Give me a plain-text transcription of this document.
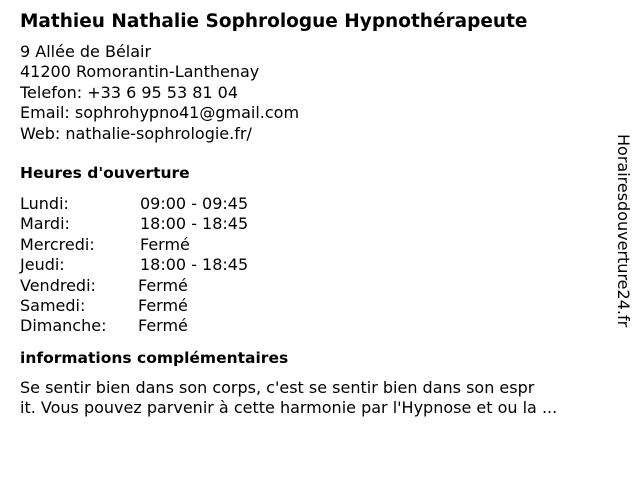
Mathieu Nathalie Sophrologue Hypnothérapeute
9 Allée de Bélair
41200 Romorantin-Lanthenay
Telefon: +33 6 95 53 81 04
Email: sophrohypno41@gmail.com
Web: nathalie-sophrologie.fr/
Heures d'ouverture
Lundi:	09:00 - 09:45
Mardi:	18:00 - 18:45
Mercredi:	Fermé
Jeudi:	18:00 - 18:45
Vendredi:	Fermé
Samedi:	Fermé
Dimanche: Fermé
informations complémentaires
Se sentir bien dans son corps, c'est se sentir bien dans son espr
it. Vous pouvez parvenir à cette harmonie par l'Hypnose et ou la ...
Horairesdouverture24.fr
